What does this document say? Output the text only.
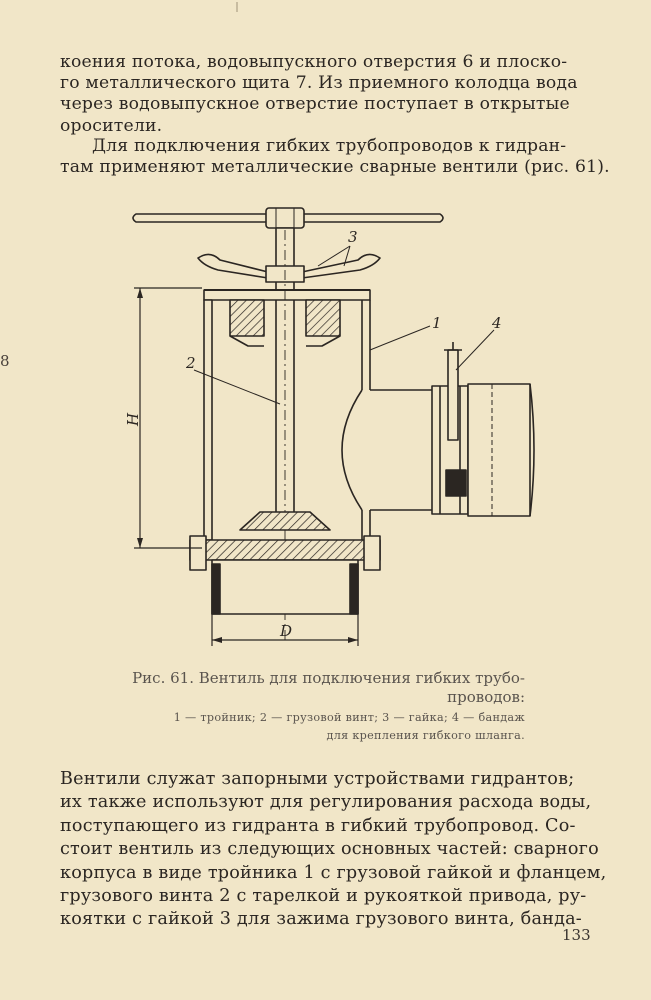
коения потока, водовыпускного отверстия 6 и плоско-
го металлического щита 7. Из приемного колодца вода
через водовыпускное отверстие поступает в открытые
оросители.

Для подключения гибких трубопроводов к гидран-
там применяют металлические сварные вентили (рис. 61).

8
1
2
3
4
H
D
Рис. 61. Вентиль для подключения гибких трубо-
проводов:
1 — тройник; 2 — грузовой винт; 3 — гайка; 4 — бандаж
для крепления гибкого шланга.

Вентили служат запорными устройствами гидрантов;
их также используют для регулирования расхода воды,
поступающего из гидранта в гибкий трубопровод. Со-
стоит вентиль из следующих основных частей: сварного
корпуса в виде тройника 1 с грузовой гайкой и фланцем,
грузового винта 2 с тарелкой и рукояткой привода, ру-
коятки с гайкой 3 для зажима грузового винта, банда-

133
